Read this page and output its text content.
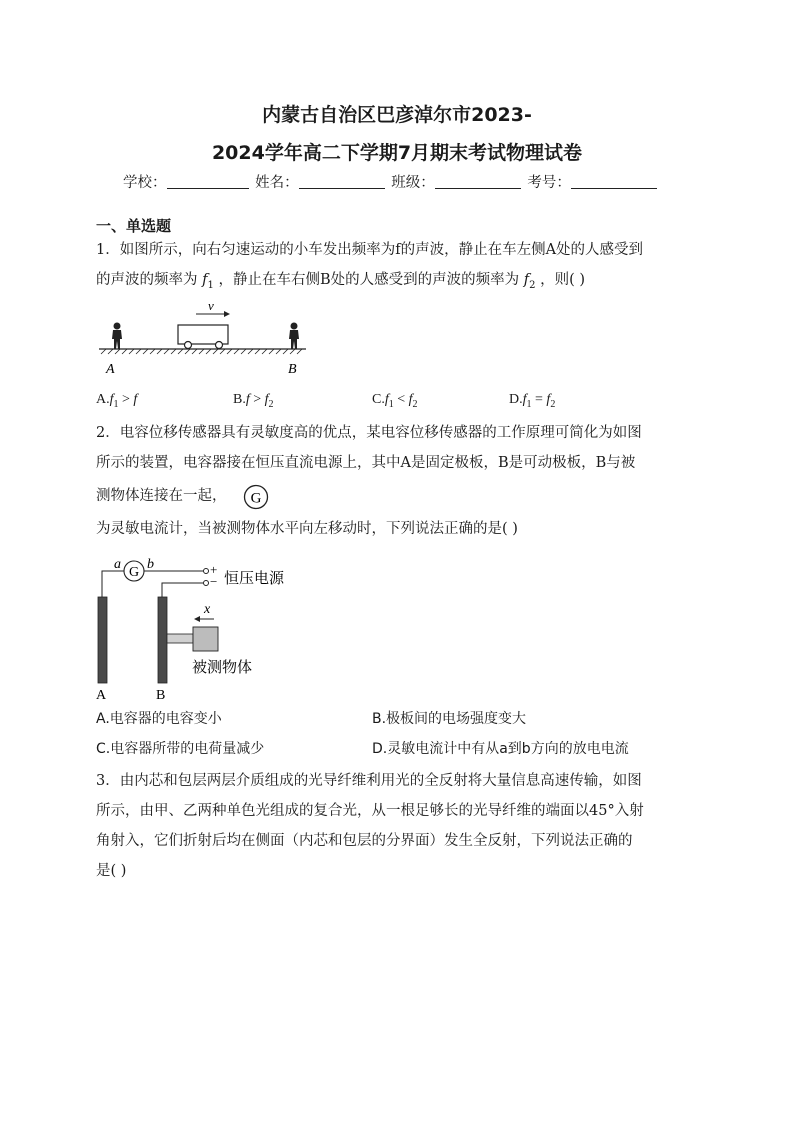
内蒙古自治区巴彦淖尔市2023-
2024学年高二下学期7月期末考试物理试卷
学校：	姓名：	班级：	考号：
一、单选题
1．如图所示，向右匀速运动的小车发出频率为f的声波，静止在车左侧A处的人感受到
的声波的频率为 $f_1$ ，静止在车右侧B处的人感受到的声波的频率为 $f_2$ ，则( )
v
A	B
$A.f_1 > f$	$B.f > f_2$	$C.f_1 < f_2$	$D.f_1 = f_2$
2．电容位移传感器具有灵敏度高的优点，某电容位移传感器的工作原理可简化为如图
所示的装置，电容器接在恒压直流电源上，其中A是固定极板，B是可动极板，B与被
测物体连接在一起，
为灵敏电流计，当被测物体水平向左移动时，下列说法正确的是( )
G
G
a b	+
− 恒压电源
x
被测物体
A	B
A.电容器的电容变小	B.极板间的电场强度变大
C.电容器所带的电荷量减少	D.灵敏电流计中有从a到b方向的放电电流
3．由内芯和包层两层介质组成的光导纤维利用光的全反射将大量信息高速传输，如图
所示，由甲、乙两种单色光组成的复合光，从一根足够长的光导纤维的端面以45°入射
角射入，它们折射后均在侧面（内芯和包层的分界面）发生全反射，下列说法正确的
是( )
